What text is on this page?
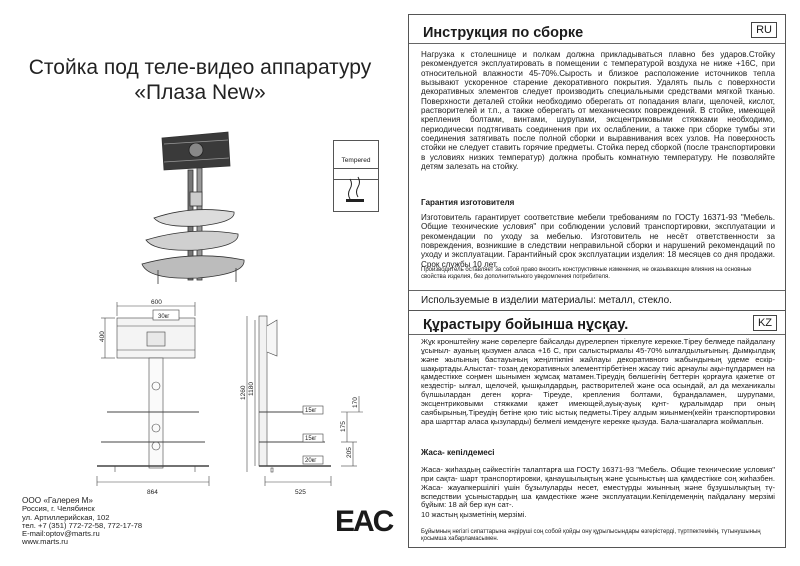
Стойка под теле-видео аппаратуру
«Плаза New»
Tempered
600
400
30кг
1260 1180
15кг
15кг
20кг
170
175
205
864	525
ООО «Галерея М»
Россия, г. Челябинск
ул. Артиллерийская, 102
тел. +7 (351) 772-72-58, 772-17-78
E-mail:optov@marts.ru
www.marts.ru
EAC
Инструкция по сборке	RU
Нагрузка к столешнице и полкам должна прикладываться плавно без ударов.Стойку рекомендуется эксплуатировать в помещении с температурой воздуха не ниже +16С, при относительной влажности 45-70%.Сырость и близкое расположение источников тепла вызывают ускоренное старение декоративного покрытия. Удалять пыль с поверхности декоративных элементов следует производить специальными средствами мягкой тканью. Поверхности деталей стойки необходимо оберегать от попадания влаги, щелочей, кислот, растворителей и т.п., а также оберегать от механических повреждений. В стойке, имеющей крепления болтами, винтами, шурупами, эксцентриковыми стяжками необходимо, периодически подтягивать соединения при их ослаблении, а также при сборке тумбы эти соединения затягивать после полной сборки и выравнивания всех узлов. На поверхность стойки не следует ставить горячие предметы. Стойка перед сборкой (после транспортировки в условиях низких температур) должна пробыть комнатную температуру. Не позволяйте детям залезать на стойку.
Гарантия изготовителя
Изготовитель гарантирует соответствие мебели требованиям по ГОСТу 16371-93 "Мебель. Общие технические условия" при соблюдении условий транспортировки, эксплуатации и рекомендации по уходу за мебелью. Изготовитель не несёт ответственности за повреждения, возникшие в следствии неправильной сборки и нарушений рекомендаций по уходу и эксплуатации. Гарантийный срок эксплуатации изделия: 18 месяцев со дня продажи. Срок службы 10 лет.
Производитель оставляет за собой право вносить конструктивные изменения, не оказывающие влияния на основные свойства изделия, без дополнительного уведомления потребителя.
Используемые в изделии материалы: металл, стекло.
Құрастыру бойынша нұсқау.	KZ
Жұк кронштейну және сөрелерге байсалды дүрелерпен тіркелуге керекке.Тіреу белмеде пайдалану ұсыныл- ауаның қызумен аласа +16 С, при салыстырмалы 45-70% ылғалдылығының. Дымқылдық және жылының бастауының жеңілтікпіні жайлауы декоративного жабындының удеме ескір- шақыртады.Алыстат- тозаң декоративных элементтірбетінен жасау тиіс арнаулы ақы-пұлдармен на қамдестікке соңмен шынымен жұмсақ матамен.Тіреудің бөлшегінің беттерін қорғауға қажетке от кездестір- ылғал, щелочей, қышқылдардың, растворителей және оса осындай, ал да механикалы бүлшылардан деген қорға- Тіреуде, крепления болтами, бұрандаламен, шурупами, эксцентриковыми стяжками қажет имеющей,ауық-ауық кұнт- құралымдар при оның саябырының.Тіреудің бетіне қою тиіс ыстық педметы.Тіреу алдым жиынмен(кейін транспортировки ара шарттар аласа қызуларды) белмелі иемденуге керекке қызуда. Бала-шағаларға жоймаплын.
Жаса- кепілдемесі
Жаса- жиһаздың сәйкестігін талаптарға ша ГОСТу 16371-93 "Мебель. Общие технические условия" при сақта- шарт транспортировки, қанаушылықтың және ұсыныстың ша қамдестікке соң жиһазбен. Жаса- жауапкершілігі үшін бұзылуларды несет, еместүрды жиынның және бұзушылықтың тү- вспедствии ұсыныстардың ша қамдестікке және эксплуатации.Кепілдемеңнің пайдалану мерзімі бұйым: 18 ай бер күн сат-.
10 жастың қызметінің мерзімі.
Бұйымның негізгі сипаттарына әндіруші соң собой қойды ону құрылысындары өзгерістерді, түртпектемінің, түтынушының қосымша хабарламасымен.
